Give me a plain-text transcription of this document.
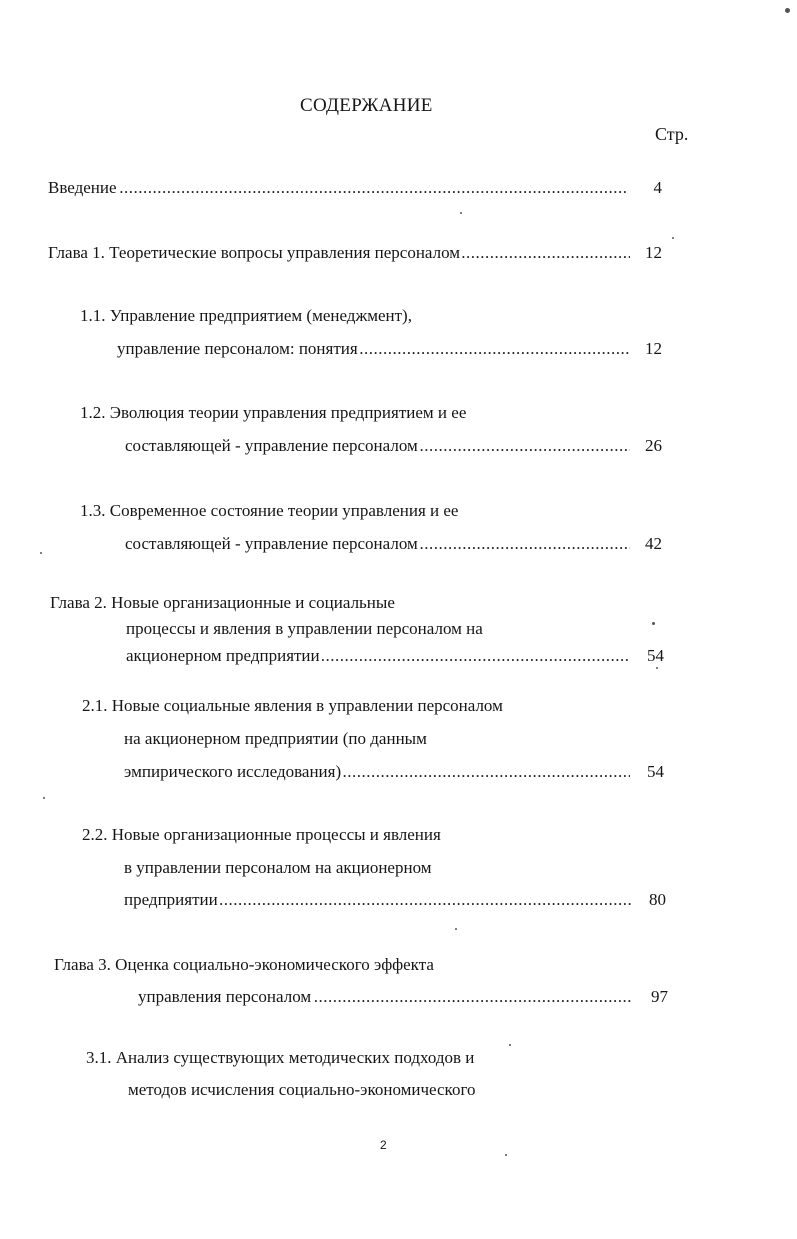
СОДЕРЖАНИЕ
Стр.
Введение .....	4
Глава 1. Теоретические вопросы управления персоналом .....	12
1.1. Управление предприятием (менеджмент),
управление персоналом: понятия .....	12
1.2. Эволюция теории управления предприятием и ее
составляющей - управление персоналом .....	26
1.3. Современное состояние теории управления и ее
составляющей - управление персоналом .....	42
Глава 2. Новые организационные и социальные
процессы и явления в управлении персоналом на
акционерном предприятии .....	54
2.1. Новые социальные явления в управлении персоналом
на акционерном предприятии (по данным
эмпирического исследования) .....	54
2.2. Новые организационные процессы и явления
в управлении персоналом на акционерном
предприятии .....	80
Глава 3. Оценка социально-экономического эффекта
управления персоналом .....	97
3.1. Анализ существующих методических подходов и
методов исчисления социально-экономического
2
